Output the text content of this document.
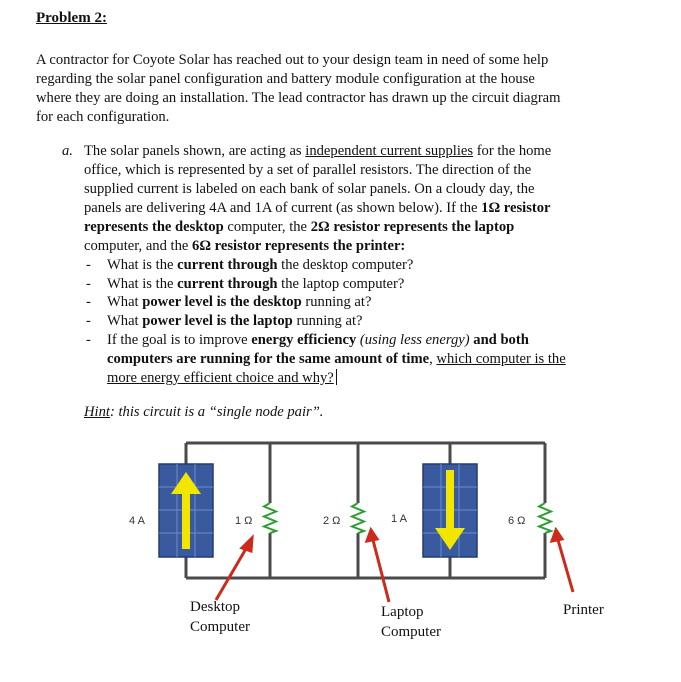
Problem 2:
A contractor for Coyote Solar has reached out to your design team in need of some help
regarding the solar panel configuration and battery module configuration at the house
where they are doing an installation. The lead contractor has drawn up the circuit diagram
for each configuration.
a. The solar panels shown, are acting as independent current supplies for the home
office, which is represented by a set of parallel resistors. The direction of the
supplied current is labeled on each bank of solar panels. On a cloudy day, the
panels are delivering 4A and 1A of current (as shown below). If the 1Ω resistor
represents the desktop computer, the 2Ω resistor represents the laptop
computer, and the 6Ω resistor represents the printer:
- What is the current through the desktop computer?
- What is the current through the laptop computer?
- What power level is the desktop running at?
- What power level is the laptop running at?
- If the goal is to improve energy efficiency (using less energy) and both
computers are running for the same amount of time, which computer is the
more energy efficient choice and why?
Hint: this circuit is a “single node pair”.
4 A	1 Ω	2 Ω	1 A	6 Ω
Desktop
Computer
Laptop
Computer
Printer
